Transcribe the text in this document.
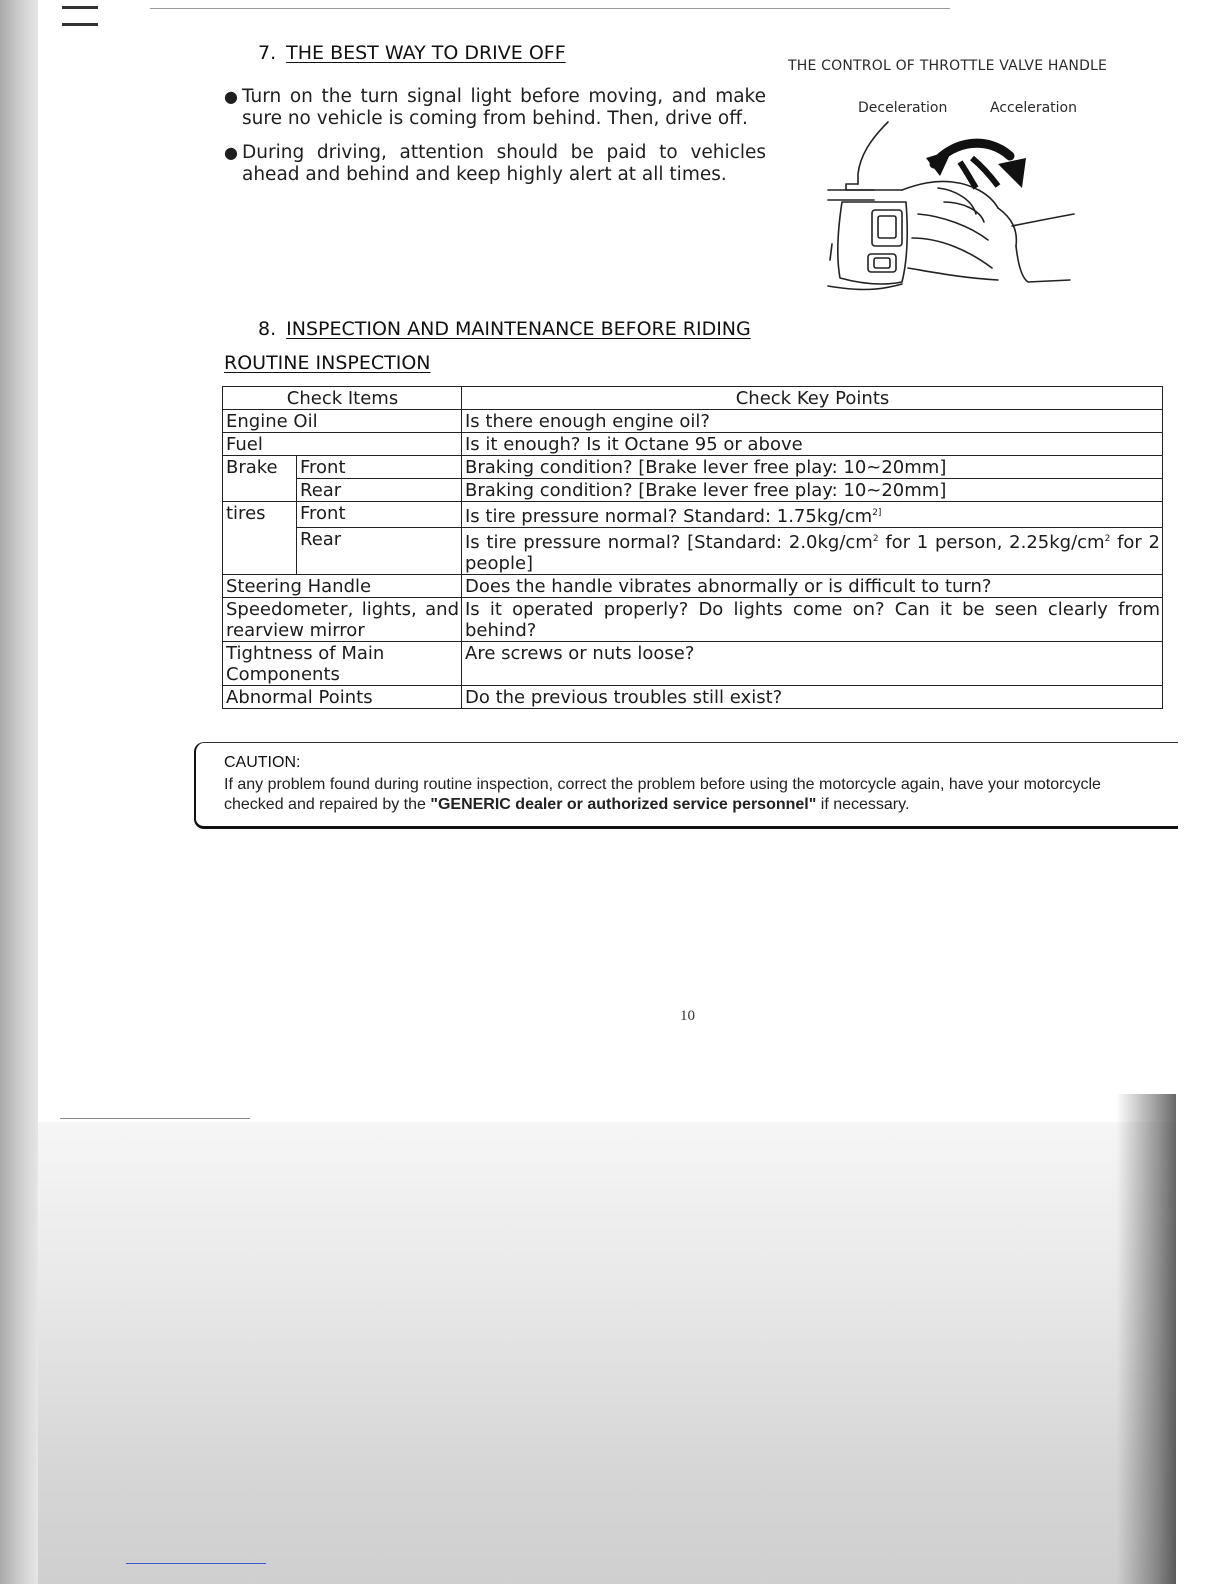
7. THE BEST WAY TO DRIVE OFF
● Turn on the turn signal light before moving, and make sure no vehicle is coming from behind. Then, drive off.
● During driving, attention should be paid to vehicles ahead and behind and keep highly alert at all times.
THE CONTROL OF THROTTLE VALVE HANDLE
Deceleration	Acceleration
8. INSPECTION AND MAINTENANCE BEFORE RIDING
ROUTINE INSPECTION
Check Items		Check Key Points
Engine Oil		Is there enough engine oil?
Fuel		Is it enough? Is it Octane 95 or above
Brake	Front	Braking condition? [Brake lever free play: 10~20mm]
	Rear	Braking condition? [Brake lever free play: 10~20mm]
tires	Front	Is tire pressure normal? Standard: $1.75kg/cm^{2]}$
	Rear	Is tire pressure normal? [Standard: $2.0kg/cm^2$ for 1 person, $2.25kg/cm^2$ for 2 people]
Steering Handle		Does the handle vibrates abnormally or is difficult to turn?
Speedometer, lights, and rearview mirror		Is it operated properly? Do lights come on? Can it be seen clearly from behind?
Tightness of Main Components		Are screws or nuts loose?
Abnormal Points		Do the previous troubles still exist?
CAUTION:
If any problem found during routine inspection, correct the problem before using the motorcycle again, have your motorcycle checked and repaired by the "GENERIC dealer or authorized service personnel" if necessary.
10
